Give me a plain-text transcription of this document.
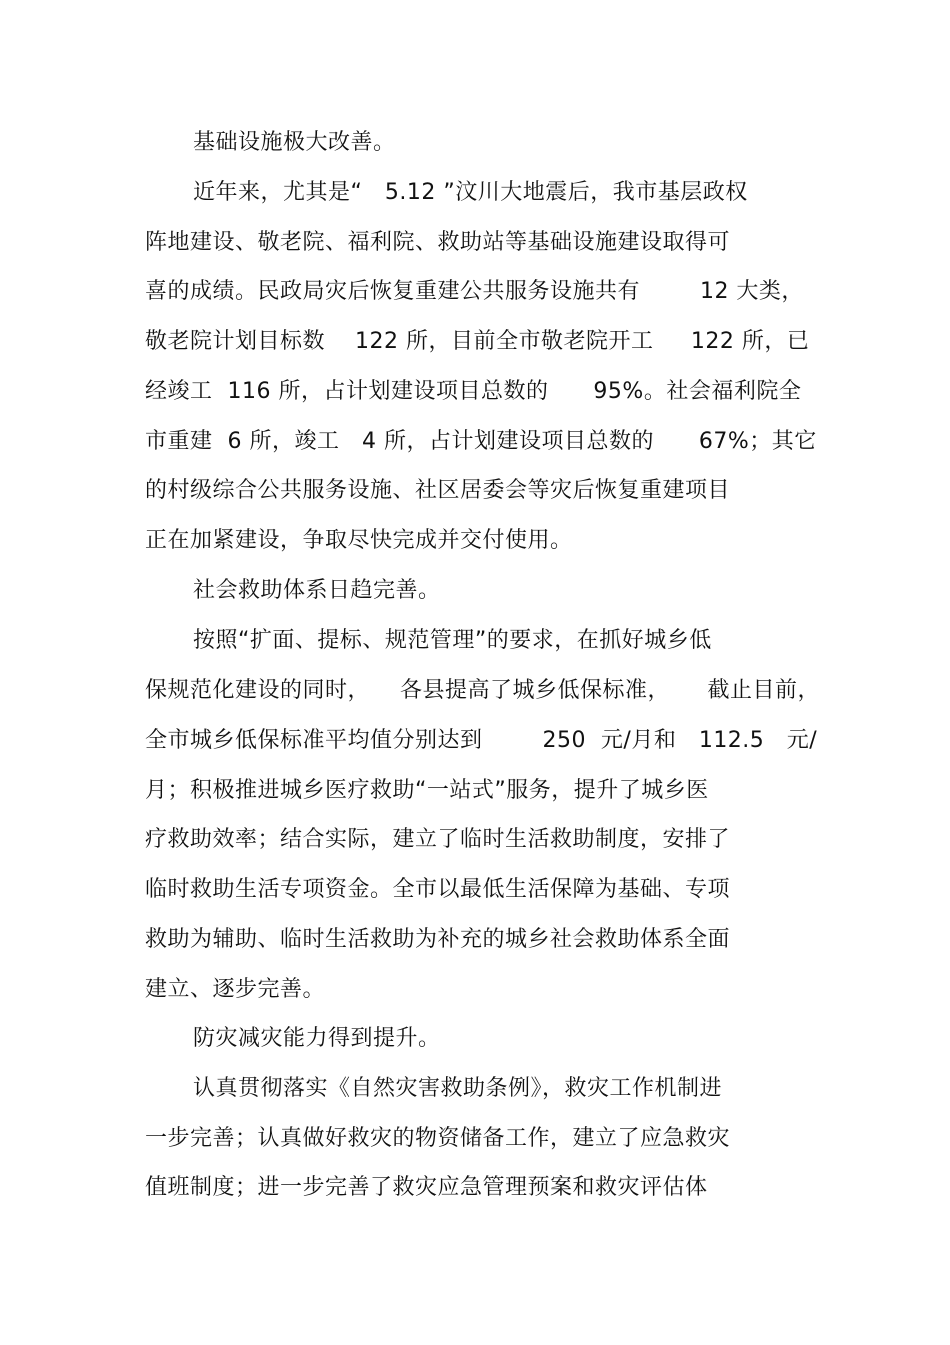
基础设施极大改善。
近年来，尤其是“   5.12 ”汶川大地震后，我市基层政权
阵地建设、敬老院、福利院、救助站等基础设施建设取得可
喜的成绩。民政局灾后恢复重建公共服务设施共有        12 大类，
敬老院计划目标数    122 所，目前全市敬老院开工     122 所，已
经竣工  116 所，占计划建设项目总数的      95%。社会福利院全
市重建  6 所，竣工   4 所，占计划建设项目总数的      67%；其它
的村级综合公共服务设施、社区居委会等灾后恢复重建项目
正在加紧建设，争取尽快完成并交付使用。
社会救助体系日趋完善。
按照“扩面、提标、规范管理”的要求，在抓好城乡低
保规范化建设的同时，    各县提高了城乡低保标准，     截止目前，
全市城乡低保标准平均值分别达到        250  元/月和   112.5   元/
月；积极推进城乡医疗救助“一站式”服务，提升了城乡医
疗救助效率；结合实际，建立了临时生活救助制度，安排了
临时救助生活专项资金。全市以最低生活保障为基础、专项
救助为辅助、临时生活救助为补充的城乡社会救助体系全面
建立、逐步完善。
防灾减灾能力得到提升。
认真贯彻落实《自然灾害救助条例》，救灾工作机制进
一步完善；认真做好救灾的物资储备工作，建立了应急救灾
值班制度；进一步完善了救灾应急管理预案和救灾评估体
